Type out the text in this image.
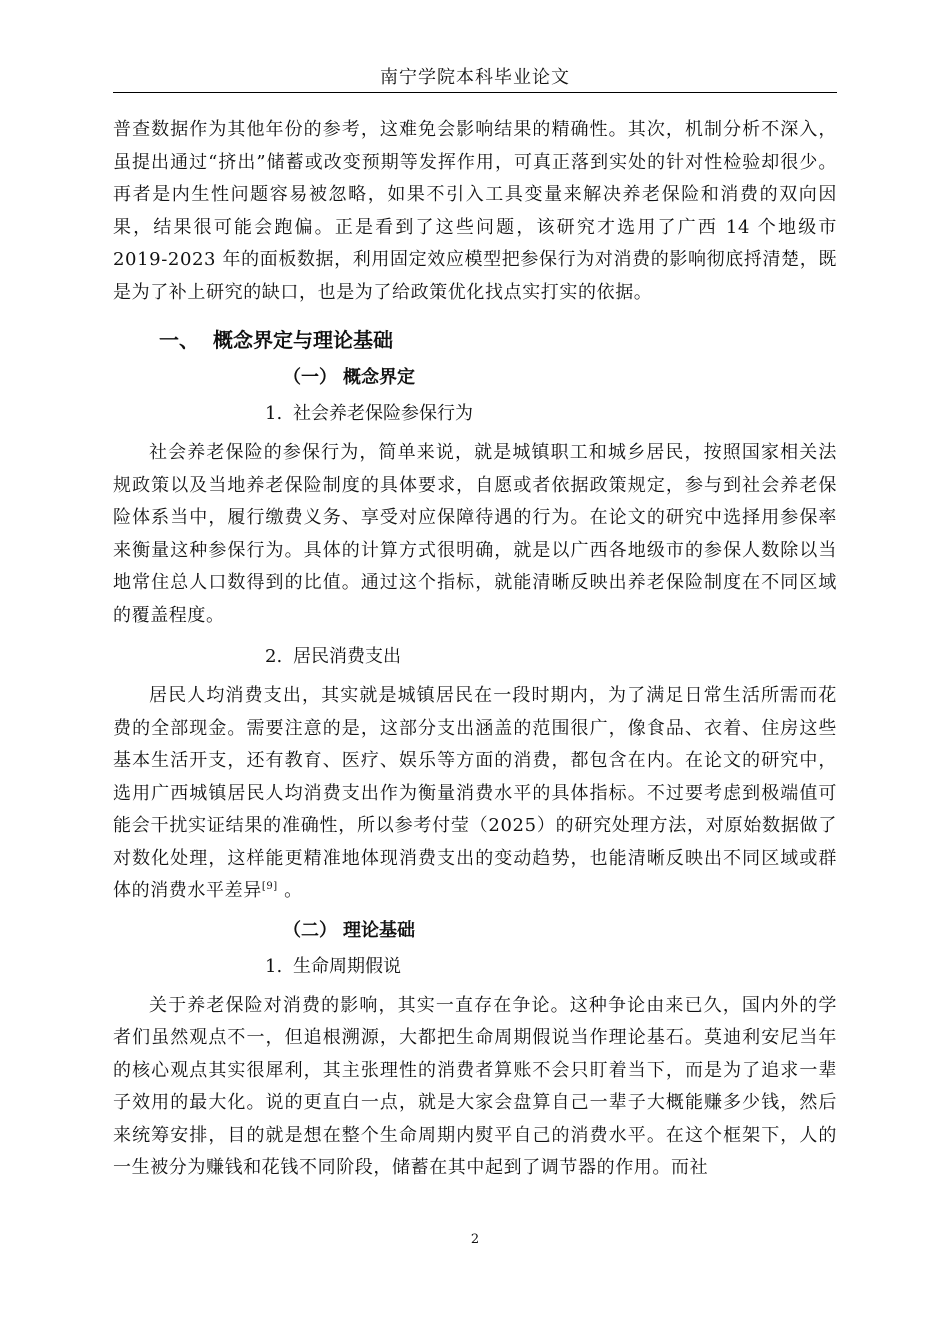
南宁学院本科毕业论文

普查数据作为其他年份的参考，这难免会影响结果的精确性。其次，机制分析不深入，虽提出通过“挤出”储蓄或改变预期等发挥作用，可真正落到实处的针对性检验却很少。再者是内生性问题容易被忽略，如果不引入工具变量来解决养老保险和消费的双向因果，结果很可能会跑偏。正是看到了这些问题，该研究才选用了广西 14 个地级市 2019-2023 年的面板数据，利用固定效应模型把参保行为对消费的影响彻底捋清楚，既是为了补上研究的缺口，也是为了给政策优化找点实打实的依据。

一、 概念界定与理论基础
（一） 概念界定
1. 社会养老保险参保行为

社会养老保险的参保行为，简单来说，就是城镇职工和城乡居民，按照国家相关法规政策以及当地养老保险制度的具体要求，自愿或者依据政策规定，参与到社会养老保险体系当中，履行缴费义务、享受对应保障待遇的行为。在论文的研究中选择用参保率来衡量这种参保行为。具体的计算方式很明确，就是以广西各地级市的参保人数除以当地常住总人口数得到的比值。通过这个指标，就能清晰反映出养老保险制度在不同区域的覆盖程度。

2. 居民消费支出

居民人均消费支出，其实就是城镇居民在一段时期内，为了满足日常生活所需而花费的全部现金。需要注意的是，这部分支出涵盖的范围很广，像食品、衣着、住房这些基本生活开支，还有教育、医疗、娱乐等方面的消费，都包含在内。在论文的研究中，选用广西城镇居民人均消费支出作为衡量消费水平的具体指标。不过要考虑到极端值可能会干扰实证结果的准确性，所以参考付莹（2025）的研究处理方法，对原始数据做了对数化处理，这样能更精准地体现消费支出的变动趋势，也能清晰反映出不同区域或群体的消费水平差异[9] 。

（二） 理论基础
1. 生命周期假说

关于养老保险对消费的影响，其实一直存在争论。这种争论由来已久，国内外的学者们虽然观点不一，但追根溯源，大都把生命周期假说当作理论基石。莫迪利安尼当年的核心观点其实很犀利，其主张理性的消费者算账不会只盯着当下，而是为了追求一辈子效用的最大化。说的更直白一点，就是大家会盘算自己一辈子大概能赚多少钱，然后来统筹安排，目的就是想在整个生命周期内熨平自己的消费水平。在这个框架下，人的一生被分为赚钱和花钱不同阶段，储蓄在其中起到了调节器的作用。而社

2
